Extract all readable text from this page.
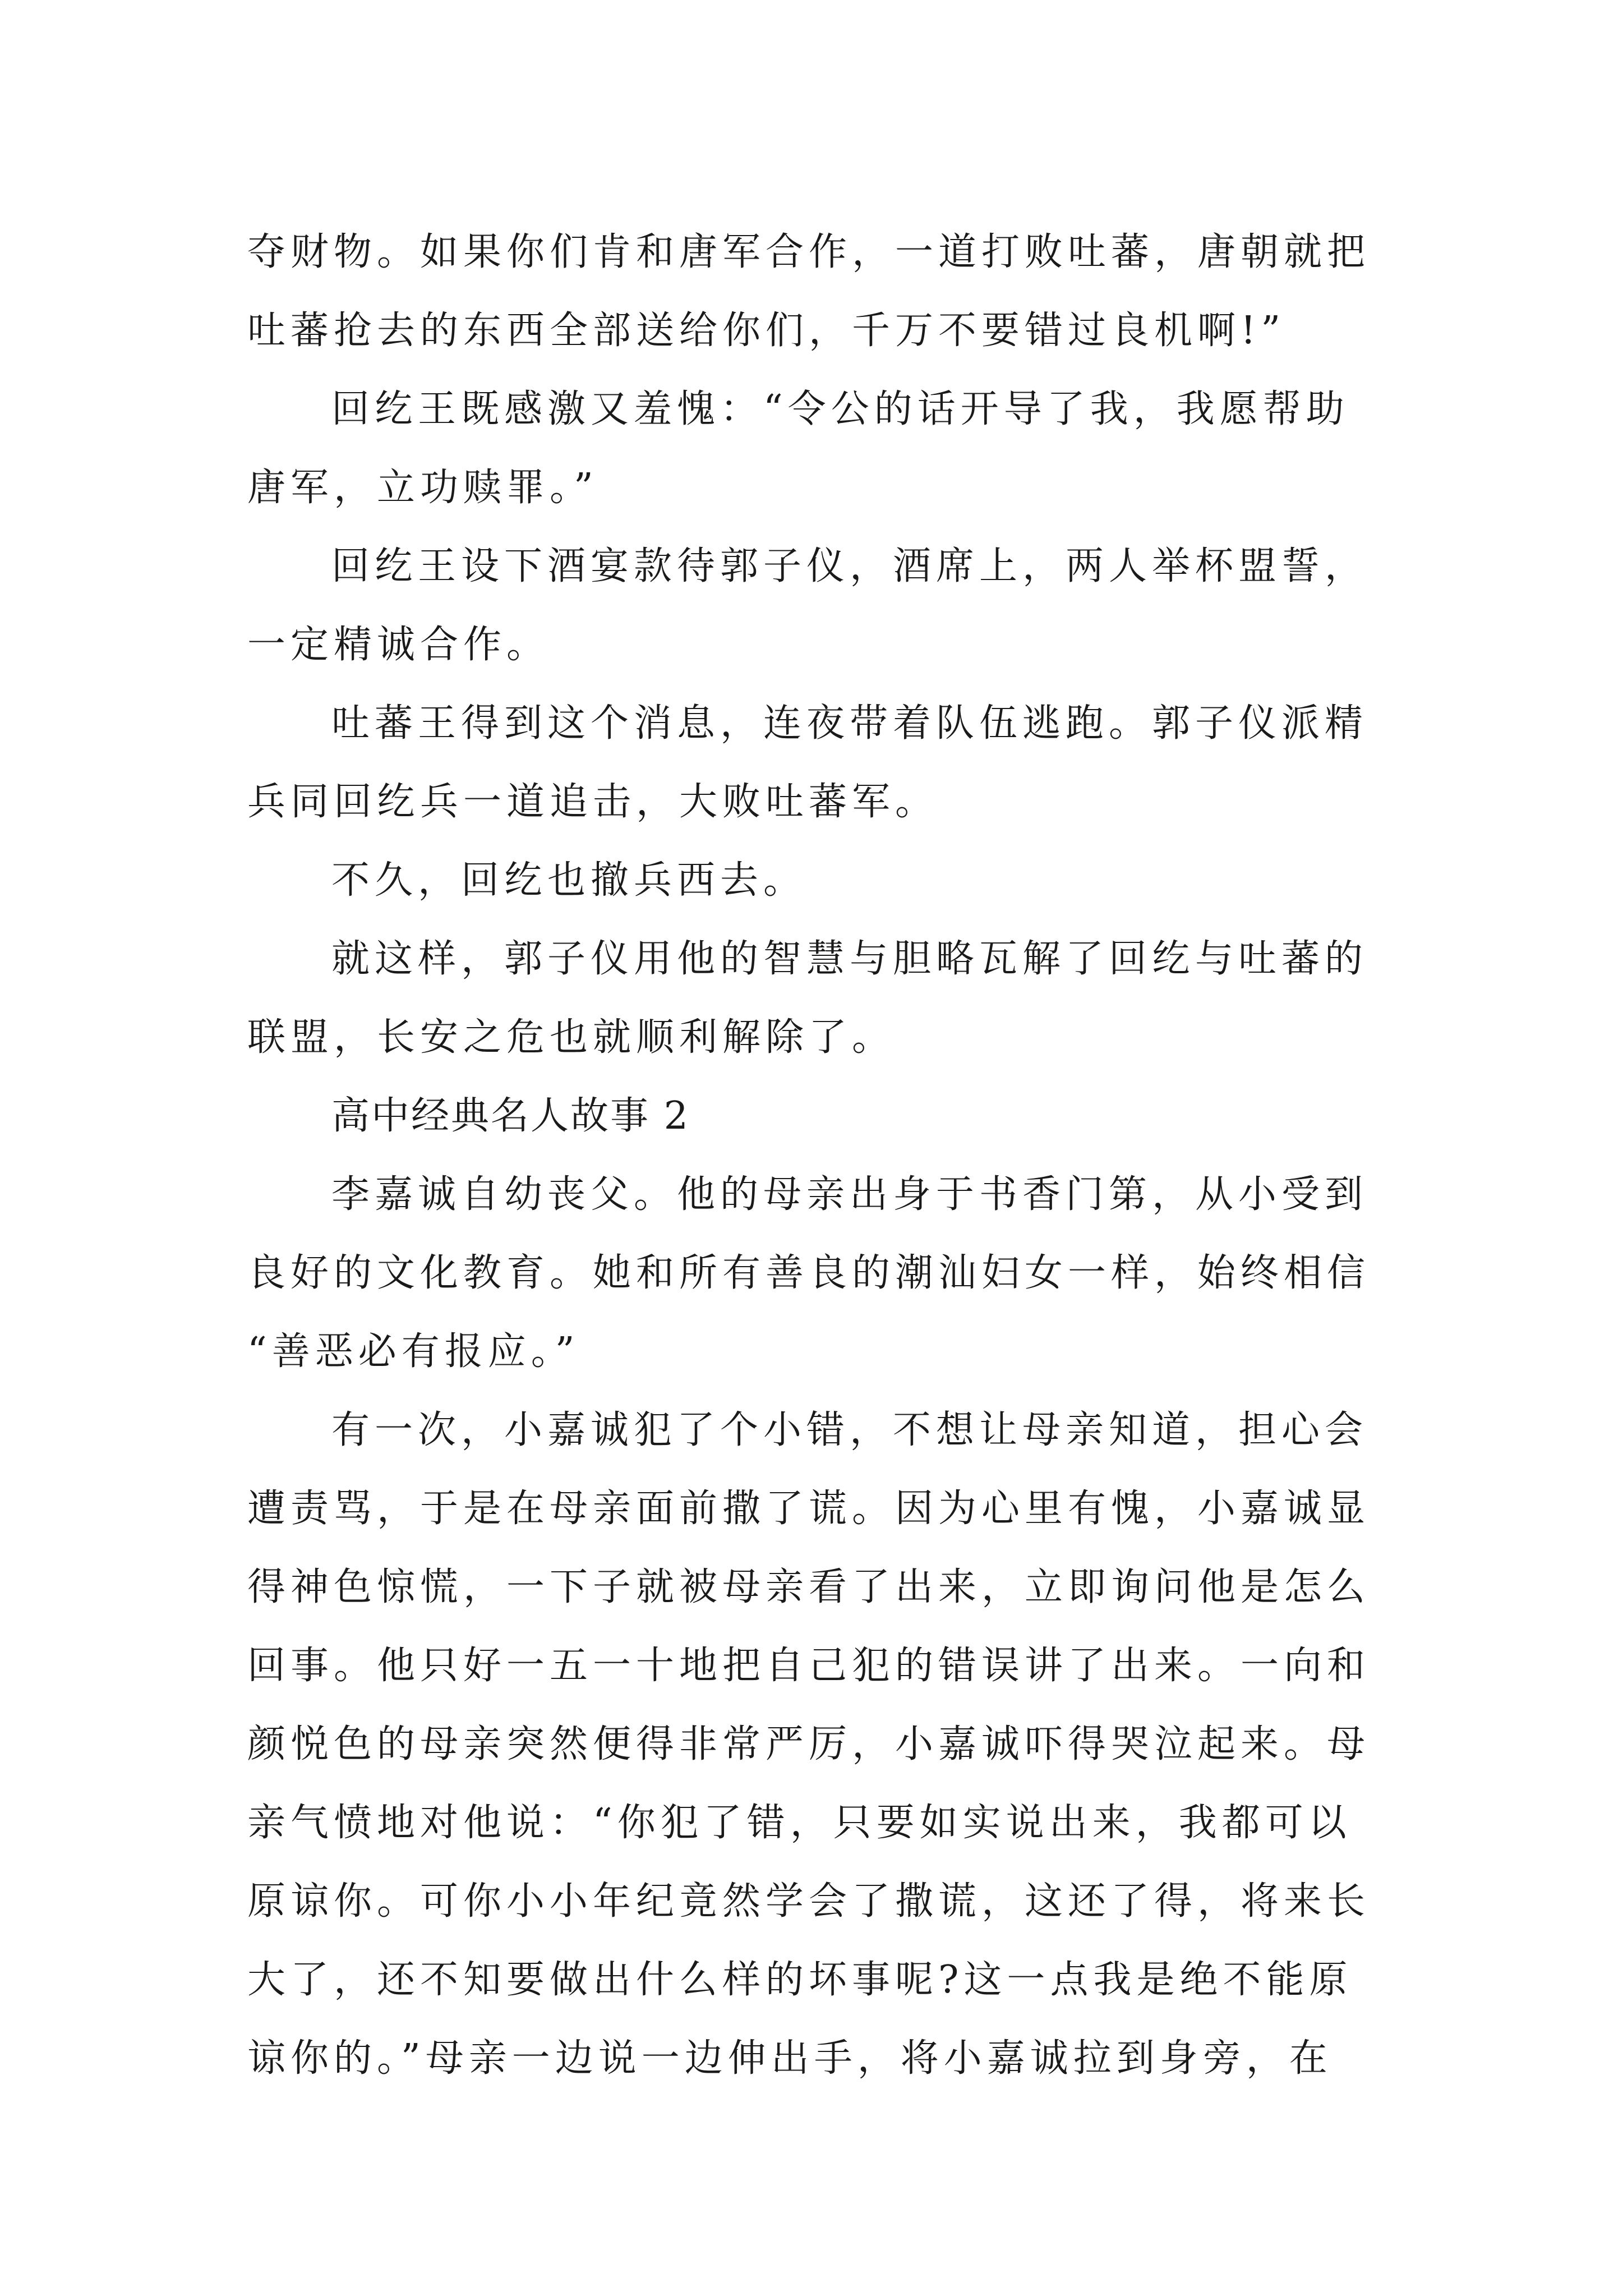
夺财物。如果你们肯和唐军合作，一道打败吐蕃，唐朝就把
吐蕃抢去的东西全部送给你们，千万不要错过良机啊!”
回纥王既感激又羞愧：“令公的话开导了我，我愿帮助
唐军，立功赎罪。”
回纥王设下酒宴款待郭子仪，酒席上，两人举杯盟誓，
一定精诚合作。
吐蕃王得到这个消息，连夜带着队伍逃跑。郭子仪派精
兵同回纥兵一道追击，大败吐蕃军。
不久，回纥也撤兵西去。
就这样，郭子仪用他的智慧与胆略瓦解了回纥与吐蕃的
联盟，长安之危也就顺利解除了。
高中经典名人故事 2
李嘉诚自幼丧父。他的母亲出身于书香门第，从小受到
良好的文化教育。她和所有善良的潮汕妇女一样，始终相信
“善恶必有报应。”
有一次，小嘉诚犯了个小错，不想让母亲知道，担心会
遭责骂，于是在母亲面前撒了谎。因为心里有愧，小嘉诚显
得神色惊慌，一下子就被母亲看了出来，立即询问他是怎么
回事。他只好一五一十地把自己犯的错误讲了出来。一向和
颜悦色的母亲突然便得非常严厉，小嘉诚吓得哭泣起来。母
亲气愤地对他说：“你犯了错，只要如实说出来，我都可以
原谅你。可你小小年纪竟然学会了撒谎，这还了得，将来长
大了，还不知要做出什么样的坏事呢?这一点我是绝不能原
谅你的。”母亲一边说一边伸出手，将小嘉诚拉到身旁，在
